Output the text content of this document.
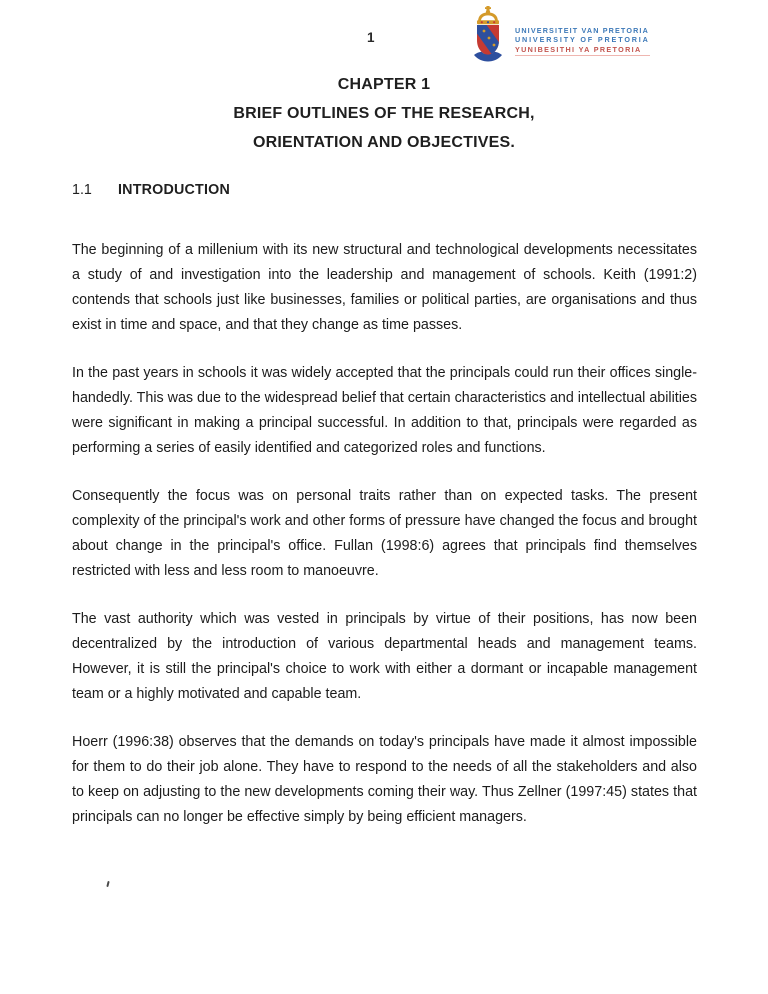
1	UNIVERSITEIT VAN PRETORIA
UNIVERSITY OF PRETORIA
YUNIBESITHI YA PRETORIA
CHAPTER 1
BRIEF OUTLINES OF THE RESEARCH,
ORIENTATION AND OBJECTIVES.
1.1 INTRODUCTION

The beginning of a millenium with its new structural and technological developments necessitates a study of and investigation into the leadership and management of schools. Keith (1991:2) contends that schools just like businesses, families or political parties, are organisations and thus exist in time and space, and that they change as time passes.

In the past years in schools it was widely accepted that the principals could run their offices single-handedly. This was due to the widespread belief that certain characteristics and intellectual abilities were significant in making a principal successful. In addition to that, principals were regarded as performing a series of easily identified and categorized roles and functions.

Consequently the focus was on personal traits rather than on expected tasks. The present complexity of the principal's work and other forms of pressure have changed the focus and brought about change in the principal's office. Fullan (1998:6) agrees that principals find themselves restricted with less and less room to manoeuvre.

The vast authority which was vested in principals by virtue of their positions, has now been decentralized by the introduction of various departmental heads and management teams. However, it is still the principal's choice to work with either a dormant or incapable management team or a highly motivated and capable team.

Hoerr (1996:38) observes that the demands on today's principals have made it almost impossible for them to do their job alone. They have to respond to the needs of all the stakeholders and also to keep on adjusting to the new developments coming their way. Thus Zellner (1997:45) states that principals can no longer be effective simply by being efficient managers.
